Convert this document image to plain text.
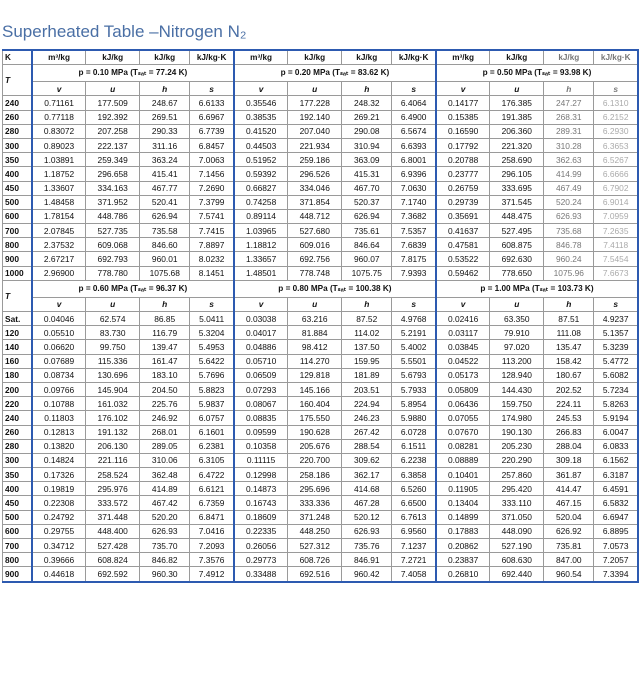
Superheated Table –Nitrogen N₂
K	m³/kg	kJ/kg	kJ/kg	kJ/kg·K	m³/kg	kJ/kg	kJ/kg	kJ/kg·K	m³/kg	kJ/kg	kJ/kg	kJ/kg·K
T	p = 0.10 MPa (Tₛₐₜ = 77.24 K)				p = 0.20 MPa (Tₛₐₜ = 83.62 K)				p = 0.50 MPa (Tₛₐₜ = 93.98 K)			
	v	u	h	s	v	u	h	s	v	u	h	s
240	0.71161	177.509	248.67	6.6133	0.35546	177.228	248.32	6.4064	0.14177	176.385	247.27	6.1310
260	0.77118	192.392	269.51	6.6967	0.38535	192.140	269.21	6.4900	0.15385	191.385	268.31	6.2152
280	0.83072	207.258	290.33	6.7739	0.41520	207.040	290.08	6.5674	0.16590	206.360	289.31	6.2930
300	0.89023	222.137	311.16	6.8457	0.44503	221.934	310.94	6.6393	0.17792	221.320	310.28	6.3653
350	1.03891	259.349	363.24	7.0063	0.51952	259.186	363.09	6.8001	0.20788	258.690	362.63	6.5267
400	1.18752	296.658	415.41	7.1456	0.59392	296.526	415.31	6.9396	0.23777	296.105	414.99	6.6666
450	1.33607	334.163	467.77	7.2690	0.66827	334.046	467.70	7.0630	0.26759	333.695	467.49	6.7902
500	1.48458	371.952	520.41	7.3799	0.74258	371.854	520.37	7.1740	0.29739	371.545	520.24	6.9014
600	1.78154	448.786	626.94	7.5741	0.89114	448.712	626.94	7.3682	0.35691	448.475	626.93	7.0959
700	2.07845	527.735	735.58	7.7415	1.03965	527.680	735.61	7.5357	0.41637	527.495	735.68	7.2635
800	2.37532	609.068	846.60	7.8897	1.18812	609.016	846.64	7.6839	0.47581	608.875	846.78	7.4118
900	2.67217	692.793	960.01	8.0232	1.33657	692.756	960.07	7.8175	0.53522	692.630	960.24	7.5454
1000	2.96900	778.780	1075.68	8.1451	1.48501	778.748	1075.75	7.9393	0.59462	778.650	1075.96	7.6673
T	p = 0.60 MPa (Tₛₐₜ = 96.37 K)				p = 0.80 MPa (Tₛₐₜ = 100.38 K)				p = 1.00 MPa (Tₛₐₜ = 103.73 K)			
	v	u	h	s	v	u	h	s	v	u	h	s
Sat.	0.04046	62.574	86.85	5.0411	0.03038	63.216	87.52	4.9768	0.02416	63.350	87.51	4.9237
120	0.05510	83.730	116.79	5.3204	0.04017	81.884	114.02	5.2191	0.03117	79.910	111.08	5.1357
140	0.06620	99.750	139.47	5.4953	0.04886	98.412	137.50	5.4002	0.03845	97.020	135.47	5.3239
160	0.07689	115.336	161.47	5.6422	0.05710	114.270	159.95	5.5501	0.04522	113.200	158.42	5.4772
180	0.08734	130.696	183.10	5.7696	0.06509	129.818	181.89	5.6793	0.05173	128.940	180.67	5.6082
200	0.09766	145.904	204.50	5.8823	0.07293	145.166	203.51	5.7933	0.05809	144.430	202.52	5.7234
220	0.10788	161.032	225.76	5.9837	0.08067	160.404	224.94	5.8954	0.06436	159.750	224.11	5.8263
240	0.11803	176.102	246.92	6.0757	0.08835	175.550	246.23	5.9880	0.07055	174.980	245.53	5.9194
260	0.12813	191.132	268.01	6.1601	0.09599	190.628	267.42	6.0728	0.07670	190.130	266.83	6.0047
280	0.13820	206.130	289.05	6.2381	0.10358	205.676	288.54	6.1511	0.08281	205.230	288.04	6.0833
300	0.14824	221.116	310.06	6.3105	0.11115	220.700	309.62	6.2238	0.08889	220.290	309.18	6.1562
350	0.17326	258.524	362.48	6.4722	0.12998	258.186	362.17	6.3858	0.10401	257.860	361.87	6.3187
400	0.19819	295.976	414.89	6.6121	0.14873	295.696	414.68	6.5260	0.11905	295.420	414.47	6.4591
450	0.22308	333.572	467.42	6.7359	0.16743	333.336	467.28	6.6500	0.13404	333.110	467.15	6.5832
500	0.24792	371.448	520.20	6.8471	0.18609	371.248	520.12	6.7613	0.14899	371.050	520.04	6.6947
600	0.29755	448.400	626.93	7.0416	0.22335	448.250	626.93	6.9560	0.17883	448.090	626.92	6.8895
700	0.34712	527.428	735.70	7.2093	0.26056	527.312	735.76	7.1237	0.20862	527.190	735.81	7.0573
800	0.39666	608.824	846.82	7.3576	0.29773	608.726	846.91	7.2721	0.23837	608.630	847.00	7.2057
900	0.44618	692.592	960.30	7.4912	0.33488	692.516	960.42	7.4058	0.26810	692.440	960.54	7.3394
